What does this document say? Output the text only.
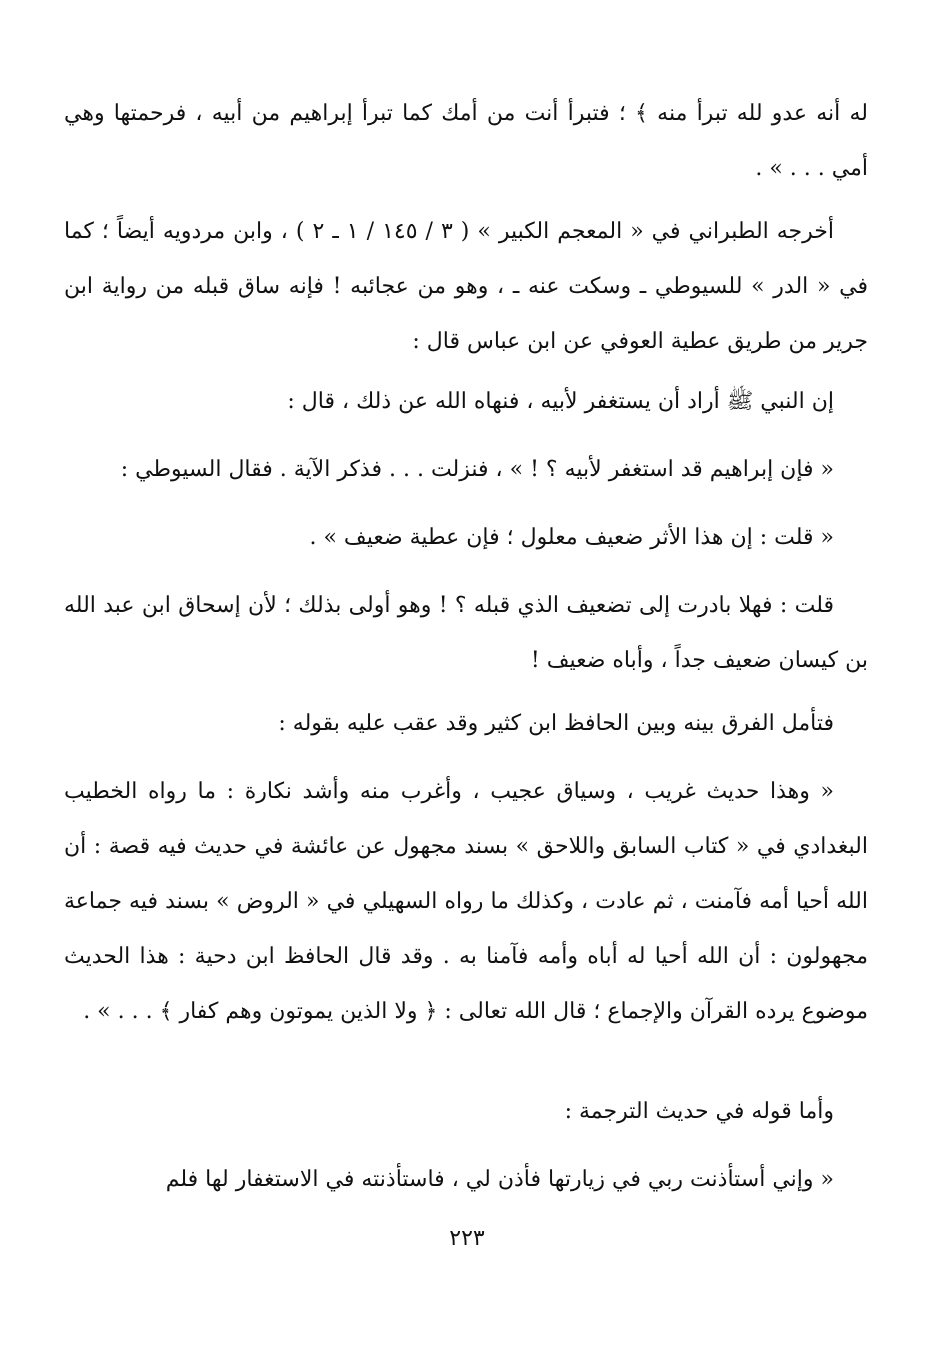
له أنه عدو لله تبرأ منه ﴾ ؛ فتبرأ أنت من أمك كما تبرأ إبراهيم من أبيه ، فرحمتها وهي أمي . . . » .

أخرجه الطبراني في « المعجم الكبير » ( ٣ / ١٤٥ / ١ ـ ٢ ) ، وابن مردويه أيضاً ؛ كما في « الدر » للسيوطي ـ وسكت عنه ـ ، وهو من عجائبه ! فإنه ساق قبله من رواية ابن جرير من طريق عطية العوفي عن ابن عباس قال :

إن النبي ﷺ أراد أن يستغفر لأبيه ، فنهاه الله عن ذلك ، قال :

« فإن إبراهيم قد استغفر لأبيه ؟ ! » ، فنزلت . . . فذكر الآية . فقال السيوطي :

« قلت : إن هذا الأثر ضعيف معلول ؛ فإن عطية ضعيف » .

قلت : فهلا بادرت إلى تضعيف الذي قبله ؟ ! وهو أولى بذلك ؛ لأن إسحاق ابن عبد الله بن كيسان ضعيف جداً ، وأباه ضعيف !

فتأمل الفرق بينه وبين الحافظ ابن كثير وقد عقب عليه بقوله :

« وهذا حديث غريب ، وسياق عجيب ، وأغرب منه وأشد نكارة : ما رواه الخطيب البغدادي في « كتاب السابق واللاحق » بسند مجهول عن عائشة في حديث فيه قصة : أن الله أحيا أمه فآمنت ، ثم عادت ، وكذلك ما رواه السهيلي في « الروض » بسند فيه جماعة مجهولون : أن الله أحيا له أباه وأمه فآمنا به . وقد قال الحافظ ابن دحية : هذا الحديث موضوع يرده القرآن والإجماع ؛ قال الله تعالى : ﴿ ولا الذين يموتون وهم كفار ﴾ . . . » .

وأما قوله في حديث الترجمة :

« وإني أستأذنت ربي في زيارتها فأذن لي ، فاستأذنته في الاستغفار لها فلم

٢٢٣
